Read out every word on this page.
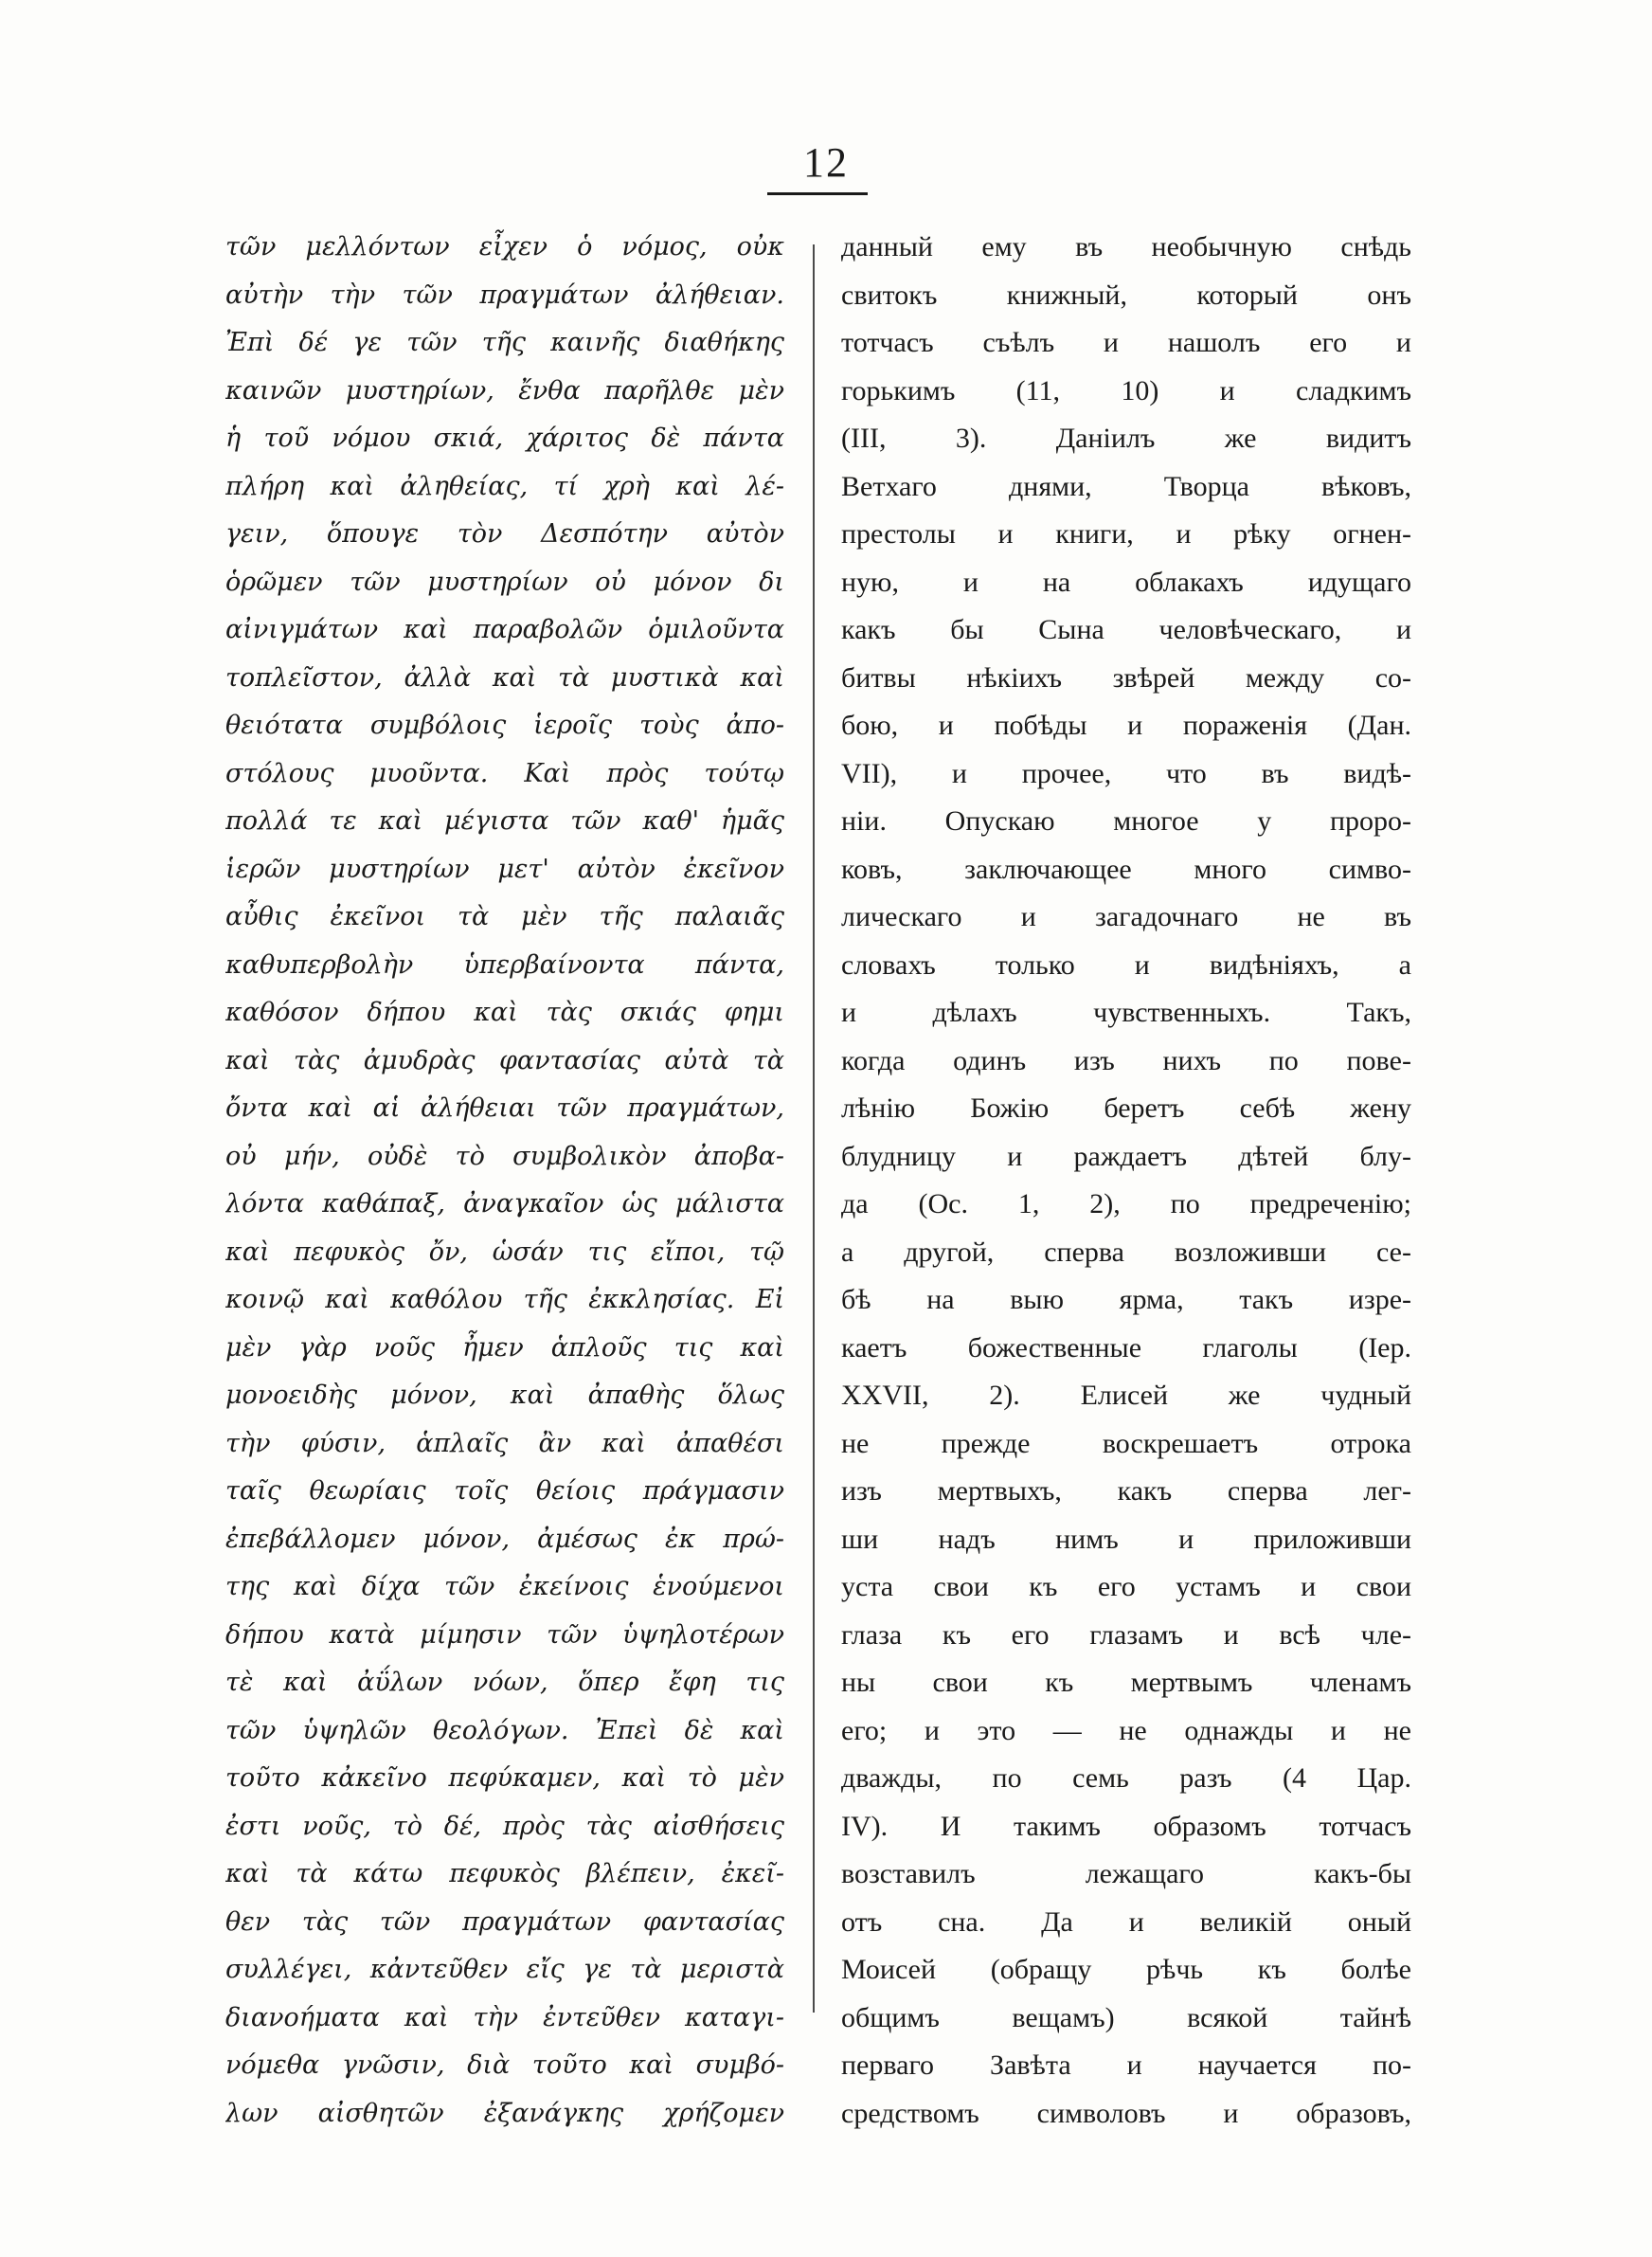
12
τῶν μελλόντων εἶχεν ὁ νόμος, οὐκ
αὐτὴν τὴν τῶν πραγμάτων ἀλήθειαν.
Ἐπὶ δέ γε τῶν τῆς καινῆς διαθήκης
καινῶν μυστηρίων, ἔνθα παρῆλθε μὲν
ἡ τοῦ νόμου σκιά, χάριτος δὲ πάντα
πλήρη καὶ ἀληθείας, τί χρὴ καὶ λέ-
γειν, ὅπουγε τὸν Δεσπότην αὐτὸν
ὁρῶμεν τῶν μυστηρίων οὐ μόνον δι
αἰνιγμάτων καὶ παραβολῶν ὁμιλοῦντα
τοπλεῖστον, ἀλλὰ καὶ τὰ μυστικὰ καὶ
θειότατα συμβόλοις ἱεροῖς τοὺς ἀπο-
στόλους μυοῦντα. Καὶ πρὸς τούτῳ
πολλά τε καὶ μέγιστα τῶν καθ' ἡμᾶς
ἱερῶν μυστηρίων μετ' αὐτὸν ἐκεῖνον
αὖθις ἐκεῖνοι τὰ μὲν τῆς παλαιᾶς
καθυπερβολὴν ὑπερβαίνοντα πάντα,
καθόσον δήπου καὶ τὰς σκιάς φημι
καὶ τὰς ἀμυδρὰς φαντασίας αὐτὰ τὰ
ὄντα καὶ αἱ ἀλήθειαι τῶν πραγμάτων,
οὐ μήν, οὐδὲ τὸ συμβολικὸν ἀποβα-
λόντα καθάπαξ, ἀναγκαῖον ὡς μάλιστα
καὶ πεφυκὸς ὄν, ὡσάν τις εἴποι, τῷ
κοινῷ καὶ καθόλου τῆς ἐκκλησίας. Εἰ
μὲν γὰρ νοῦς ἦμεν ἁπλοῦς τις καὶ
μονοειδὴς μόνον, καὶ ἀπαθὴς ὅλως
τὴν φύσιν, ἁπλαῖς ἂν καὶ ἀπαθέσι
ταῖς θεωρίαις τοῖς θείοις πράγμασιν
ἐπεβάλλομεν μόνον, ἀμέσως ἐκ πρώ-
της καὶ δίχα τῶν ἐκείνοις ἑνούμενοι
δήπου κατὰ μίμησιν τῶν ὑψηλοτέρων
τὲ καὶ ἀΰλων νόων, ὅπερ ἔφη τις
τῶν ὑψηλῶν θεολόγων. Ἐπεὶ δὲ καὶ
τοῦτο κἀκεῖνο πεφύκαμεν, καὶ τὸ μὲν
ἐστι νοῦς, τὸ δέ, πρὸς τὰς αἰσθήσεις
καὶ τὰ κάτω πεφυκὸς βλέπειν, ἐκεῖ-
θεν τὰς τῶν πραγμάτων φαντασίας
συλλέγει, κἀντεῦθεν εἴς γε τὰ μεριστὰ
διανοήματα καὶ τὴν ἐντεῦθεν καταγι-
νόμεθα γνῶσιν, διὰ τοῦτο καὶ συμβό-
λων αἰσθητῶν ἐξανάγκης χρήζομεν
данный ему въ необычную снѣдь
свитокъ книжный, который онъ
тотчасъ съѣлъ и нашолъ его и
горькимъ (11, 10) и сладкимъ
(III, 3). Даніилъ же видитъ
Ветхаго днями, Творца вѣковъ,
престолы и книги, и рѣку огнен-
ную, и на облакахъ идущаго
какъ бы Сына человѣческаго, и
битвы нѣкіихъ звѣрей между со-
бою, и побѣды и пораженія (Дан.
VII), и прочее, что въ видѣ-
ніи. Опускаю многое у проро-
ковъ, заключающее много симво-
лическаго и загадочнаго не въ
словахъ только и видѣніяхъ, а
и дѣлахъ чувственныхъ. Такъ,
когда одинъ изъ нихъ по повe-
лѣнію Божію беретъ себѣ жену
блудницу и раждаетъ дѣтей блу-
да (Ос. 1, 2), по предреченію;
а другой, сперва возложивши се-
бѣ на выю ярма, такъ изре-
каетъ божественные глаголы (Іер.
XXVII, 2). Елисей же чудный
не прежде воскрешаетъ отрока
изъ мертвыхъ, какъ сперва лег-
ши надъ нимъ и приложивши
уста свои къ его устамъ и свои
глаза къ его глазамъ и всѣ чле-
ны свои къ мертвымъ членамъ
его; и это — не однажды и не
дважды, по семь разъ (4 Цар.
IV). И такимъ образомъ тотчасъ
возставилъ лежащаго какъ-бы
отъ сна. Да и великій оный
Моисей (обращу рѣчь къ болѣе
общимъ вещамъ) всякой тайнѣ
перваго Завѣта и научается по-
средствомъ символовъ и образовъ,
